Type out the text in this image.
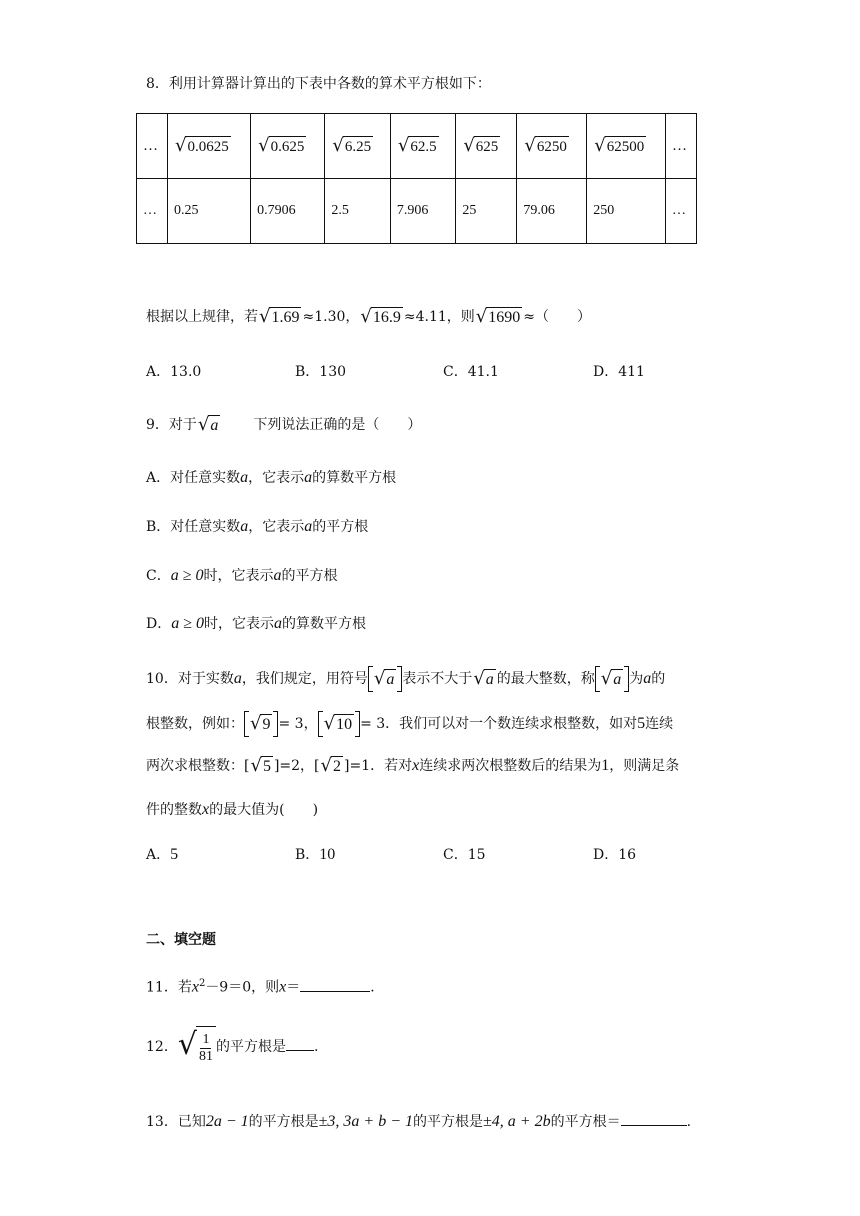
8．利用计算器计算出的下表中各数的算术平方根如下：
…	√ 0.0625	√ 0.625	√ 6.25	√ 62.5	√ 625	√ 6250	√ 62500	…
…	0.25	0.7906	2.5	7.906	25	79.06	250	…
根据以上规律，若 √ 1.69 ≈1.30， √ 16.9 ≈4.11，则 √ 1690 ≈（　　）
A．13.0	B．130	C．41.1	D．411
9．对于 √ a	下列说法正确的是（　　）
A．对任意实数a，它表示a的算数平方根
B．对任意实数a，它表示a的平方根
C．a ≥ 0时，它表示a的平方根
D．a ≥ 0时，它表示a的算数平方根
10．对于实数a，我们规定，用符号 √ a 表示不大于 √ a 的最大整数，称 √ a 为a的
根整数，例如： √ 9 = 3， √ 10 = 3．我们可以对一个数连续求根整数，如对5连续
两次求根整数：[ √ 5 ]=2，[ √ 2 ]=1．若对x连续求两次根整数后的结果为1，则满足条
件的整数x的最大值为(　　)
A．5	B．10	C．15	D．16
二、填空题
11．若$x^2-9=0$，则x＝	．
12． √ $\frac{1}{81}$ 的平方根是 .
13．已知2a − 1的平方根是±3, 3a + b − 1的平方根是±4, a + 2b的平方根＝	.
